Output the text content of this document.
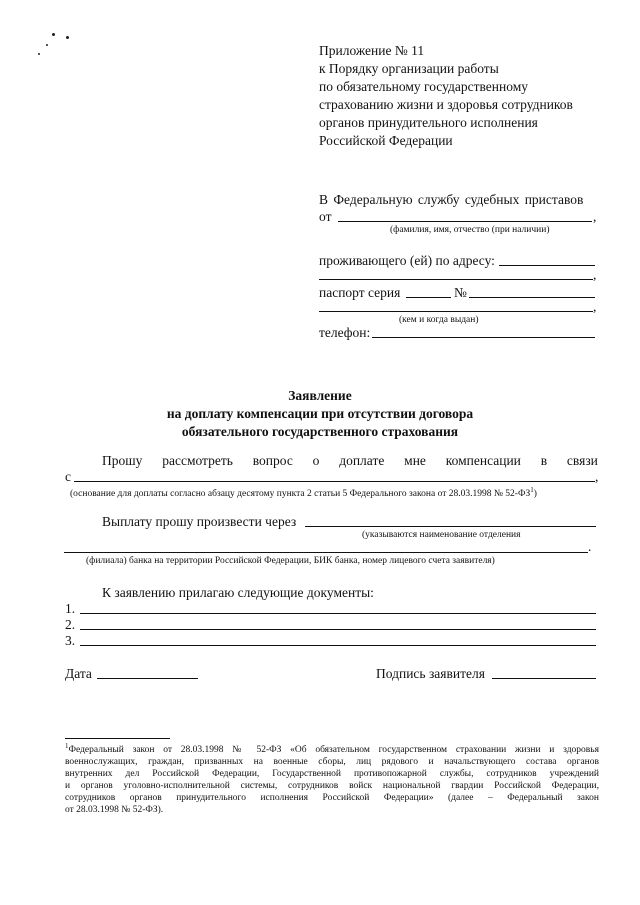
Приложение № 11
к Порядку организации работы
по обязательному государственному
страхованию жизни и здоровья сотрудников
органов принудительного исполнения
Российской Федерации
В Федеральную службу судебных приставов
от	,
(фамилия, имя, отчество (при наличии)
проживающего (ей) по адресу:
,
паспорт серия	№
,
(кем и когда выдан)
телефон:
Заявление
на доплату компенсации при отсутствии договора
обязательного государственного страхования
Прошу рассмотреть вопрос о доплате мне компенсации в связи
с	,
(основание для доплаты согласно абзацу десятому пункта 2 статьи 5 Федерального закона от 28.03.1998 № $52-ФЗ^1$)
Выплату прошу произвести через
(указываются наименование отделения
.
(филиала) банка на территории Российской Федерации, БИК банка, номер лицевого счета заявителя)
К заявлению прилагаю следующие документы:
1.
2.
3.
Дата	Подпись заявителя
$^1$Федеральный закон от 28.03.1998 № 52-ФЗ «Об обязательном государственном страховании жизни и здоровья
военнослужащих, граждан, призванных на военные сборы, лиц рядового и начальствующего состава органов
внутренних дел Российской Федерации, Государственной противопожарной службы, сотрудников учреждений
и органов уголовно-исполнительной системы, сотрудников войск национальной гвардии Российской Федерации,
сотрудников органов принудительного исполнения Российской Федерации» (далее – Федеральный закон
от 28.03.1998 № 52-ФЗ).
